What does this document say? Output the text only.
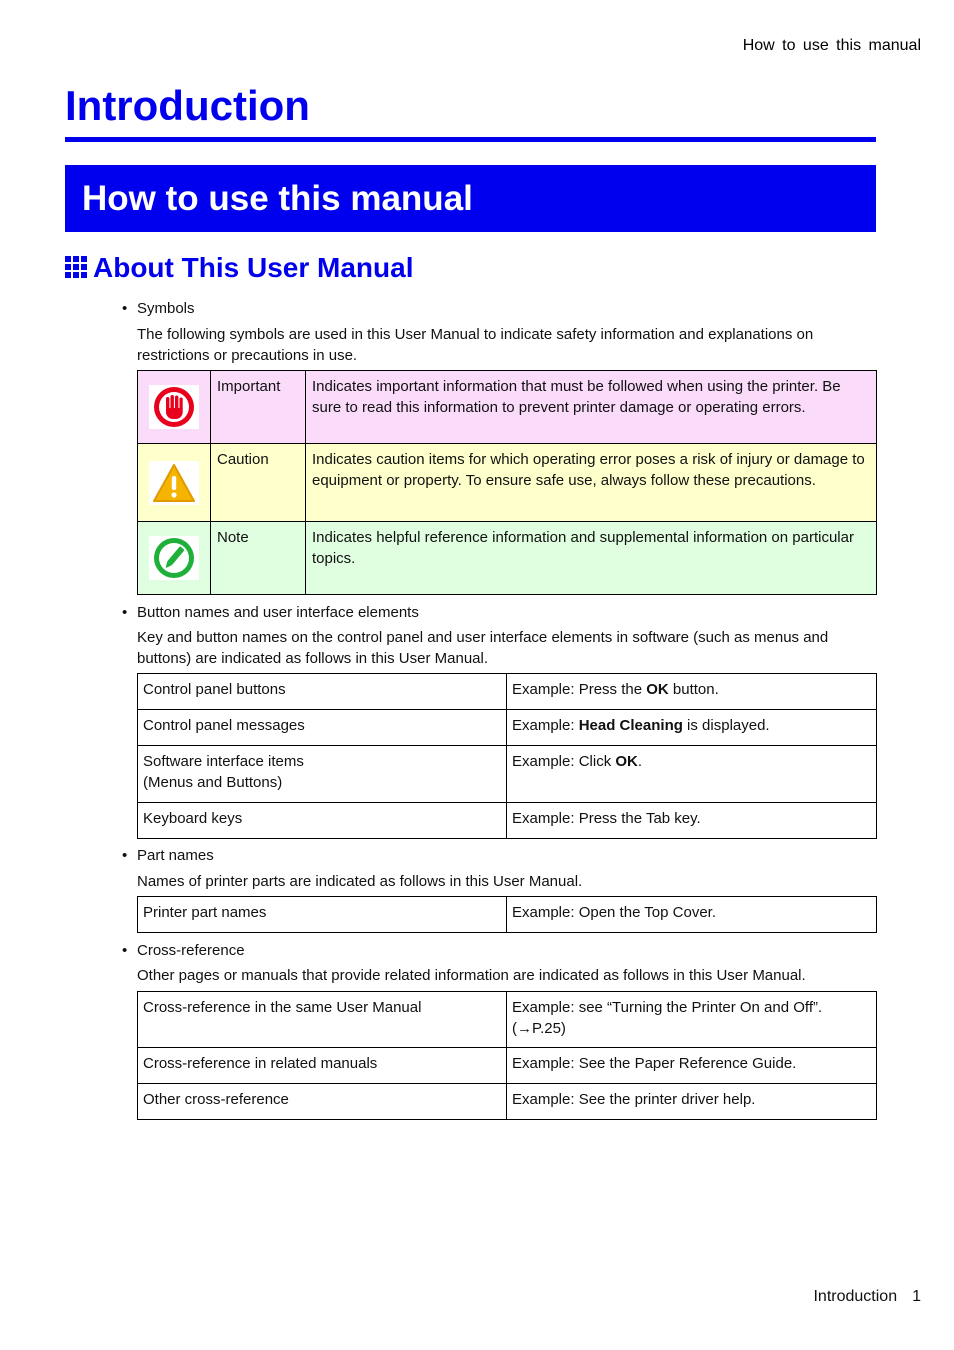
How to use this manual
Introduction
How to use this manual
About This User Manual
Symbols
The following symbols are used in this User Manual to indicate safety information and explanations on restrictions or precautions in use.
	Important	Indicates important information that must be followed when using the printer. Be sure to read this information to prevent printer damage or operating errors.

	Caution	Indicates caution items for which operating error poses a risk of injury or damage to equipment or property. To ensure safe use, always follow these precautions.

	Note	Indicates helpful reference information and supplemental information on particular topics.
Button names and user interface elements
Key and button names on the control panel and user interface elements in software (such as menus and buttons) are indicated as follows in this User Manual.
Control panel buttons	Example: Press the OK button.
Control panel messages	Example: Head Cleaning is displayed.

Software interface items
(Menus and Buttons)	Example: Click OK.
Keyboard keys	Example: Press the Tab key.
Part names
Names of printer parts are indicated as follows in this User Manual.
Printer part names	Example: Open the Top Cover.
Cross-reference
Other pages or manuals that provide related information are indicated as follows in this User Manual.
Cross-reference in the same User Manual	Example: see “Turning the Printer On and Off”.
(→P.25)

Cross-reference in related manuals	Example: See the Paper Reference Guide.
Other cross-reference	Example: See the printer driver help.
Introduction 1
